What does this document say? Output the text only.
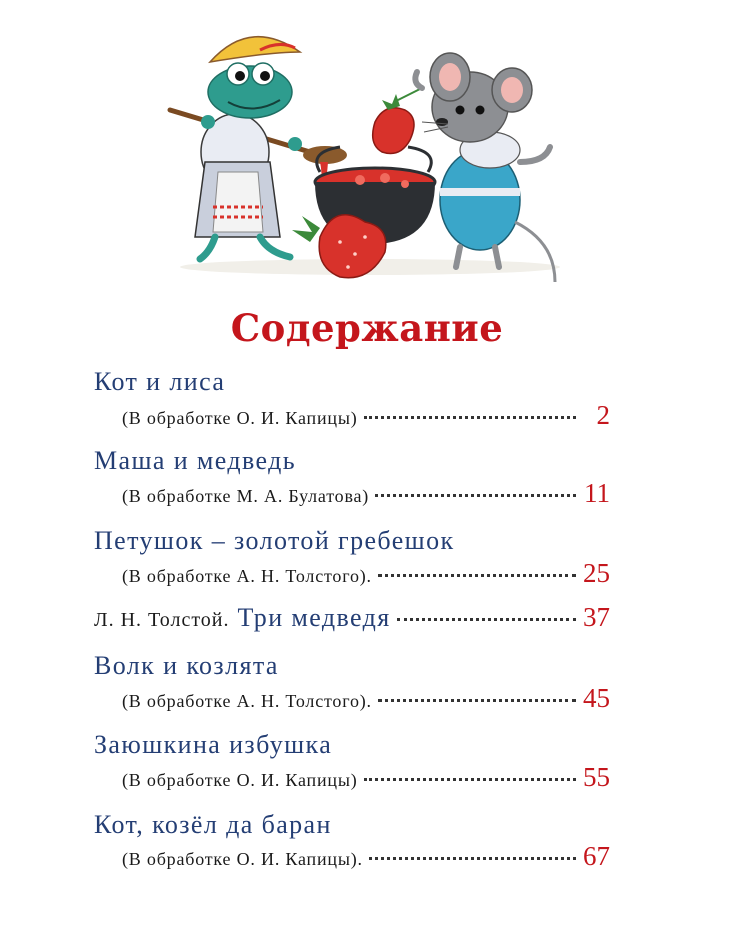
Содержание
Кот и лиса
(В обработке О. И. Капицы)	2
Маша и медведь
(В обработке М. А. Булатова)	11
Петушок – золотой гребешок
(В обработке А. Н. Толстого).	25
Л. Н. Толстой. Три медведя	37
Волк и козлята
(В обработке А. Н. Толстого).	45
Заюшкина избушка
(В обработке О. И. Капицы)	55
Кот, козёл да баран
(В обработке О. И. Капицы).	67
